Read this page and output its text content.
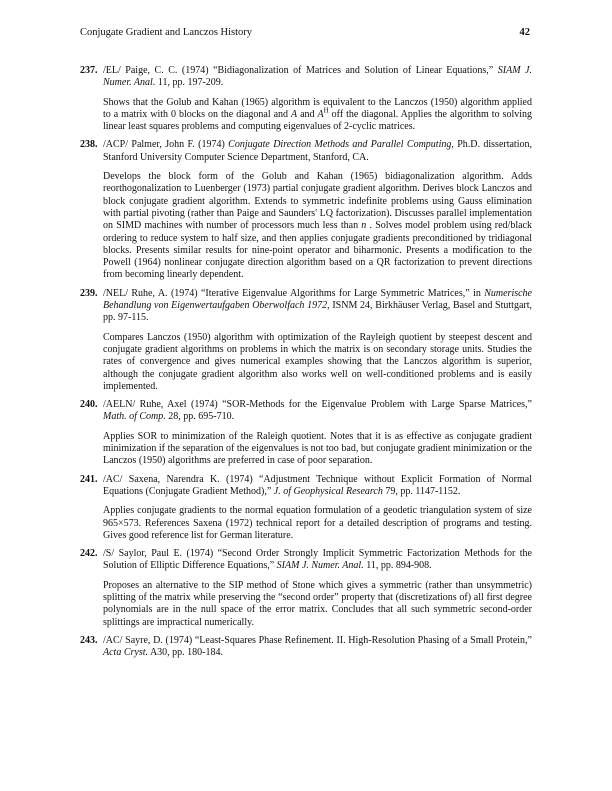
Conjugate Gradient and Lanczos History	42
237. /EL/ Paige, C. C. (1974) “Bidiagonalization of Matrices and Solution of Linear Equations,” SIAM J. Numer. Anal. 11, pp. 197-209.
Shows that the Golub and Kahan (1965) algorithm is equivalent to the Lanczos (1950) algorithm applied to a matrix with 0 blocks on the diagonal and A and $A^H$ off the diagonal. Applies the algorithm to solving linear least squares problems and computing eigenvalues of 2-cyclic matrices.
238. /ACP/ Palmer, John F. (1974) Conjugate Direction Methods and Parallel Computing, Ph.D. dissertation, Stanford University Computer Science Department, Stanford, CA.
Develops the block form of the Golub and Kahan (1965) bidiagonalization algorithm. Adds reorthogonalization to Luenberger (1973) partial conjugate gradient algorithm. Derives block Lanczos and block conjugate gradient algorithm. Extends to symmetric indefinite problems using Gauss elimination with partial pivoting (rather than Paige and Saunders' LQ factorization). Discusses parallel implementation on SIMD machines with number of processors much less than n . Solves model problem using red/black ordering to reduce system to half size, and then applies conjugate gradients preconditioned by tridiagonal blocks. Presents similar results for nine-point operator and biharmonic. Presents a modification to the Powell (1964) nonlinear conjugate direction algorithm based on a QR factorization to prevent directions from becoming linearly dependent.
239. /NEL/ Ruhe, A. (1974) “Iterative Eigenvalue Algorithms for Large Symmetric Matrices,” in Numerische Behandlung von Eigenwertaufgaben Oberwolfach 1972, ISNM 24, Birkhäuser Verlag, Basel and Stuttgart, pp. 97-115.
Compares Lanczos (1950) algorithm with optimization of the Rayleigh quotient by steepest descent and conjugate gradient algorithms on problems in which the matrix is on secondary storage units. Studies the rates of convergence and gives numerical examples showing that the Lanczos algorithm is superior, although the conjugate gradient algorithm also works well on well-conditioned problems and is easily implemented.
240. /AELN/ Ruhe, Axel (1974) “SOR-Methods for the Eigenvalue Problem with Large Sparse Matrices,” Math. of Comp. 28, pp. 695-710.
Applies SOR to minimization of the Raleigh quotient. Notes that it is as effective as conjugate gradient minimization if the separation of the eigenvalues is not too bad, but conjugate gradient minimization or the Lanczos (1950) algorithms are preferred in case of poor separation.
241. /AC/ Saxena, Narendra K. (1974) “Adjustment Technique without Explicit Formation of Normal Equations (Conjugate Gradient Method),” J. of Geophysical Research 79, pp. 1147-1152.
Applies conjugate gradients to the normal equation formulation of a geodetic triangulation system of size 965×573. References Saxena (1972) technical report for a detailed description of programs and testing. Gives good reference list for German literature.
242. /S/ Saylor, Paul E. (1974) “Second Order Strongly Implicit Symmetric Factorization Methods for the Solution of Elliptic Difference Equations,” SIAM J. Numer. Anal. 11, pp. 894-908.
Proposes an alternative to the SIP method of Stone which gives a symmetric (rather than unsymmetric) splitting of the matrix while preserving the “second order” property that (discretizations of) all first degree polynomials are in the null space of the error matrix. Concludes that all such symmetric second-order splittings are impractical numerically.
243. /AC/ Sayre, D. (1974) “Least-Squares Phase Refinement. II. High-Resolution Phasing of a Small Protein,” Acta Cryst. A30, pp. 180-184.
